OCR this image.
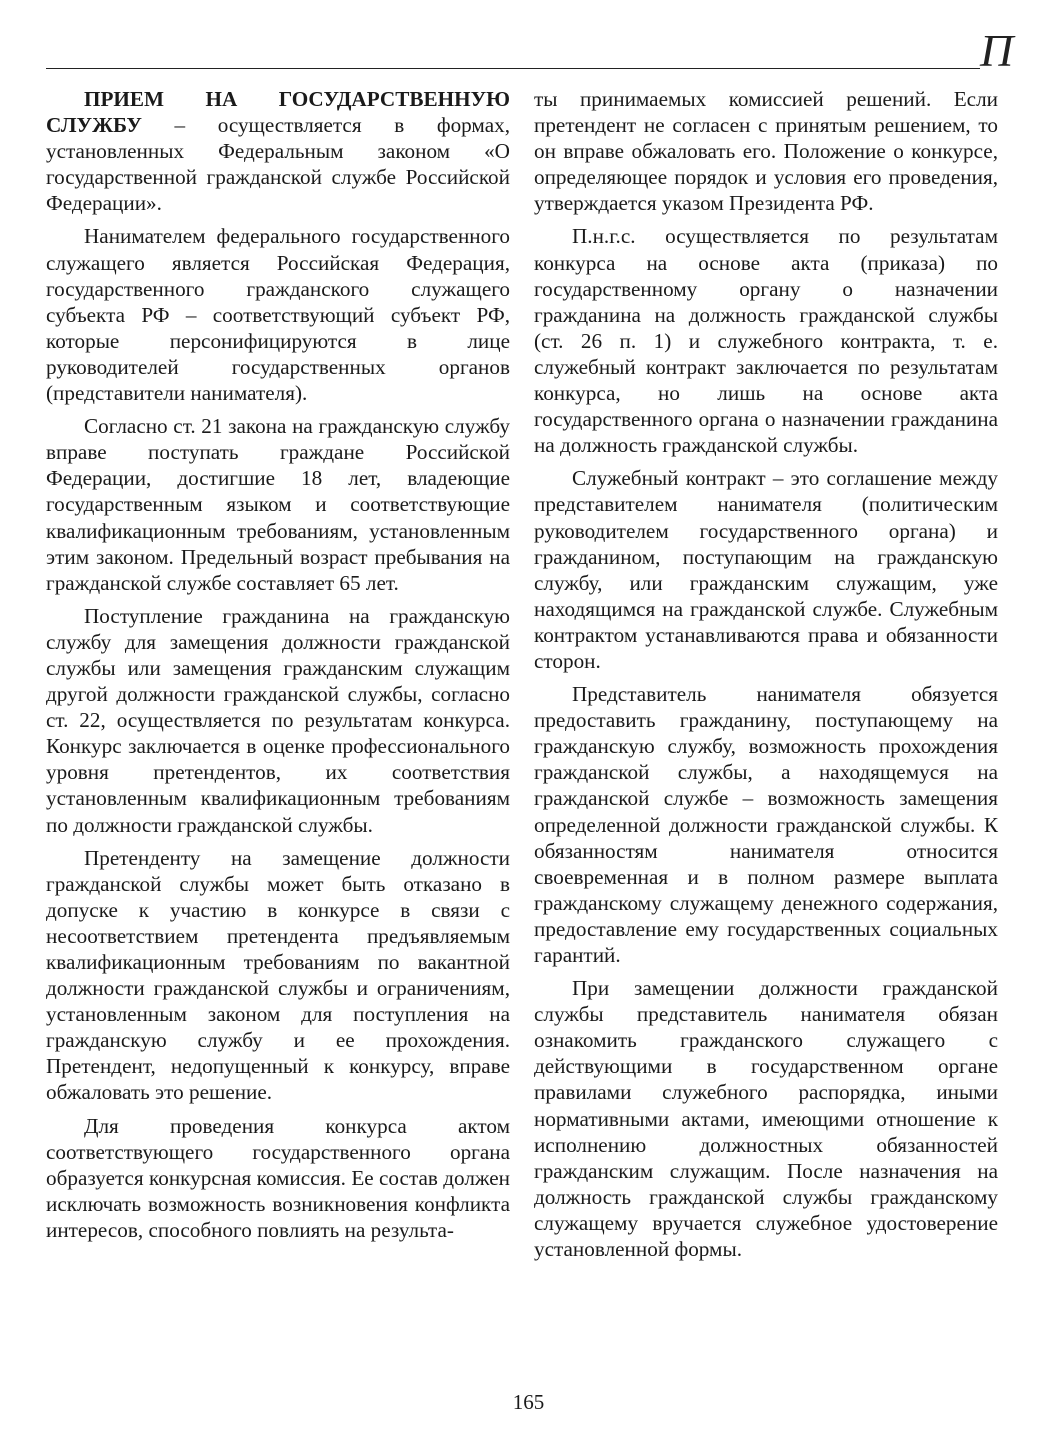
П

ПРИЕМ НА ГОСУДАРСТВЕННУЮ СЛУЖБУ – осуществляется в формах, установленных Федеральным законом «О государственной гражданской службе Российской Федерации».

Нанимателем федерального государственного служащего является Российская Федерация, государственного гражданского служащего субъекта РФ – соответствующий субъект РФ, которые персонифицируются в лице руководителей государственных органов (представители нанимателя).

Согласно ст. 21 закона на гражданскую службу вправе поступать граждане Российской Федерации, достигшие 18 лет, владеющие государственным языком и соответствующие квалификационным требованиям, установленным этим законом. Предельный возраст пребывания на гражданской службе составляет 65 лет.

Поступление гражданина на гражданскую службу для замещения должности гражданской службы или замещения гражданским служащим другой должности гражданской службы, согласно ст. 22, осуществляется по результатам конкурса. Конкурс заключается в оценке профессионального уровня претендентов, их соответствия установленным квалификационным требованиям по должности гражданской службы.

Претенденту на замещение должности гражданской службы может быть отказано в допуске к участию в конкурсе в связи с несоответствием претендента предъявляемым квалификационным требованиям по вакантной должности гражданской службы и ограничениям, установленным законом для поступления на гражданскую службу и ее прохождения. Претендент, недопущенный к конкурсу, вправе обжаловать это решение.

Для проведения конкурса актом соответствующего государственного органа образуется конкурсная комиссия. Ее состав должен исключать возможность возникновения конфликта интересов, способного повлиять на результа-

ты принимаемых комиссией решений. Если претендент не согласен с принятым решением, то он вправе обжаловать его. Положение о конкурсе, определяющее порядок и условия его проведения, утверждается указом Президента РФ.

П.н.г.с. осуществляется по результатам конкурса на основе акта (приказа) по государственному органу о назначении гражданина на должность гражданской службы (ст. 26 п. 1) и служебного контракта, т. е. служебный контракт заключается по результатам конкурса, но лишь на основе акта государственного органа о назначении гражданина на должность гражданской службы.

Служебный контракт – это соглашение между представителем нанимателя (политическим руководителем государственного органа) и гражданином, поступающим на гражданскую службу, или гражданским служащим, уже находящимся на гражданской службе. Служебным контрактом устанавливаются права и обязанности сторон.

Представитель нанимателя обязуется предоставить гражданину, поступающему на гражданскую службу, возможность прохождения гражданской службы, а находящемуся на гражданской службе – возможность замещения определенной должности гражданской службы. К обязанностям нанимателя относится своевременная и в полном размере выплата гражданскому служащему денежного содержания, предоставление ему государственных социальных гарантий.

При замещении должности гражданской службы представитель нанимателя обязан ознакомить гражданского служащего с действующими в государственном органе правилами служебного распорядка, иными нормативными актами, имеющими отношение к исполнению должностных обязанностей гражданским служащим. После назначения на должность гражданской службы гражданскому служащему вручается служебное удостоверение установленной формы.

165
